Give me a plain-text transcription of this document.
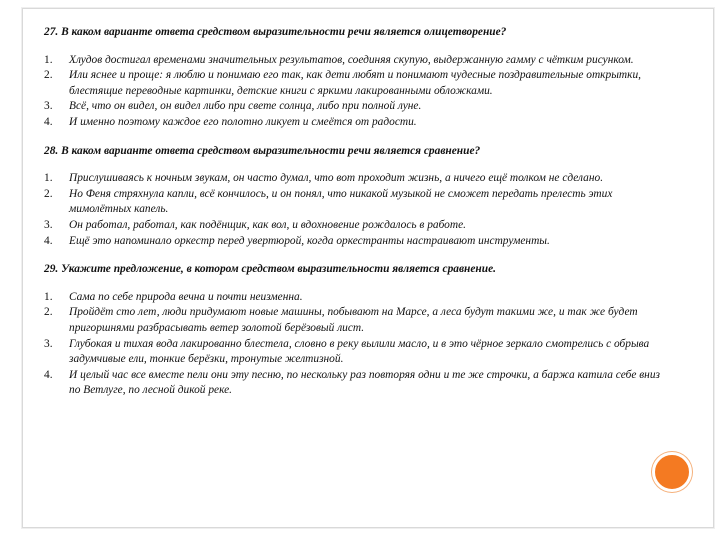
27. В каком варианте ответа средством выразительности речи является олицетворение?

1. Хлудов достигал временами значительных результатов, соединяя скупую, выдержанную гамму с чётким рисунком.
2. Или яснее и проще: я люблю и понимаю его так, как дети любят и понимают чудесные поздравительные открытки, блестящие переводные картинки, детские книги с яркими лакированными обложками.
3. Всё, что он видел, он видел либо при свете солнца, либо при полной луне.
4. И именно поэтому каждое его полотно ликует и смеётся от радости.

28. В каком варианте ответа средством выразительности речи является сравнение?

1. Прислушиваясь к ночным звукам, он часто думал, что вот проходит жизнь, а ничего ещё толком не сделано.
2. Но Феня стряхнула капли, всё кончилось, и он понял, что никакой музыкой не сможет передать прелесть этих мимолётных капель.
3. Он работал, работал, как подёнщик, как вол, и вдохновение рождалось в работе.
4. Ещё это напоминало оркестр перед увертюрой, когда оркестранты настраивают инструменты.

29. Укажите предложение, в котором средством выразительности является сравнение.

1. Сама по себе природа вечна и почти неизменна.
2. Пройдёт сто лет, люди придумают новые машины, побывают на Марсе, а леса будут такими же, и так же будет пригоршнями разбрасывать ветер золотой берёзовый лист.
3. Глубокая и тихая вода лакированно блестела, словно в реку вылили масло, и в это чёрное зеркало смотрелись с обрыва задумчивые ели, тонкие берёзки, тронутые желтизной.
4. И целый час все вместе пели они эту песню, по нескольку раз повторяя одни и те же строчки, а баржа катила себе вниз по Ветлуге, по лесной дикой реке.
